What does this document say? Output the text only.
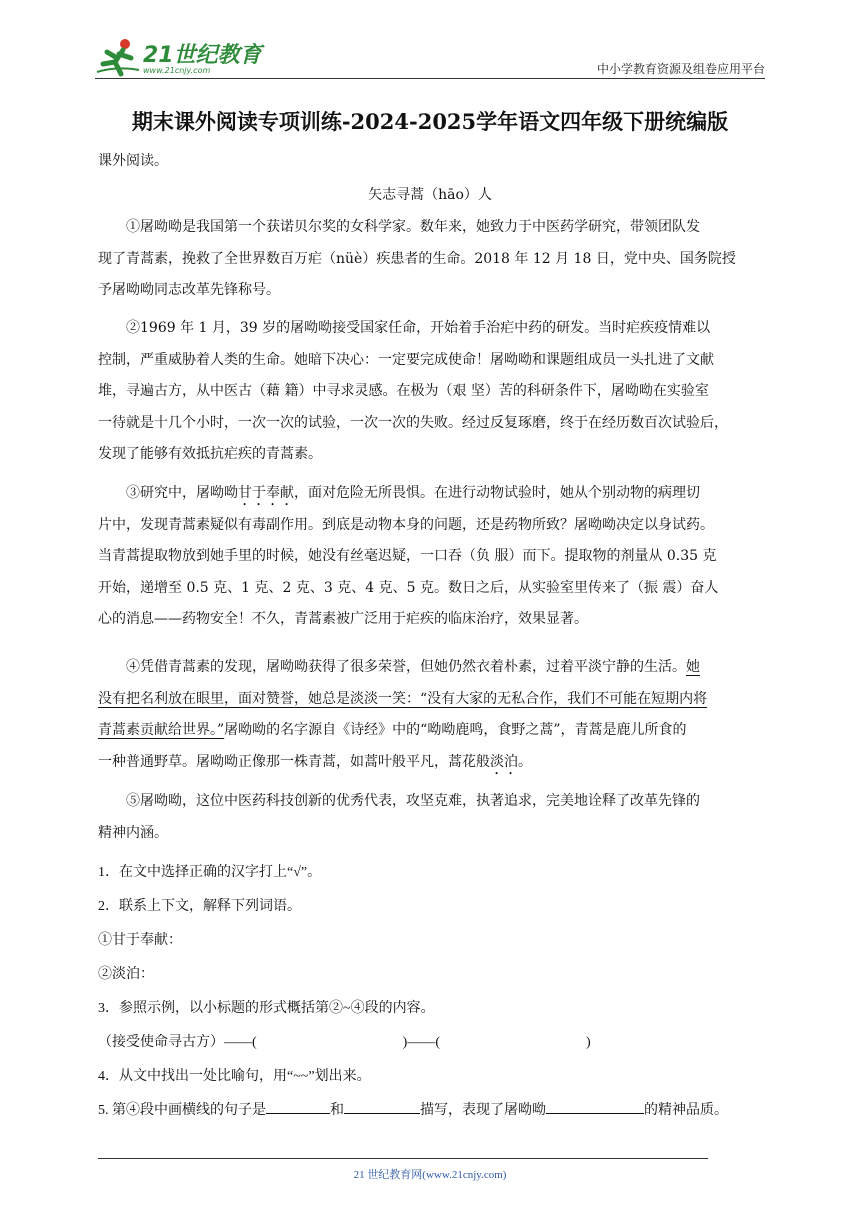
21世纪教育
www.21cnjy.com	中小学教育资源及组卷应用平台
期末课外阅读专项训练-2024-2025学年语文四年级下册统编版
课外阅读。
矢志寻蒿（hāo）人
①屠呦呦是我国第一个获诺贝尔奖的女科学家。数年来，她致力于中医药学研究，带领团队发
现了青蒿素，挽救了全世界数百万疟（nüè）疾患者的生命。2018 年 12 月 18 日，党中央、国务院授
予屠呦呦同志改革先锋称号。
②1969 年 1 月，39 岁的屠呦呦接受国家任命，开始着手治疟中药的研发。当时疟疾疫情难以
控制，严重威胁着人类的生命。她暗下决心：一定要完成使命！屠呦呦和课题组成员一头扎进了文献
堆，寻遍古方，从中医古（藉 籍）中寻求灵感。在极为（艰 坚）苦的科研条件下，屠呦呦在实验室
一待就是十几个小时，一次一次的试验，一次一次的失败。经过反复琢磨，终于在经历数百次试验后，
发现了能够有效抵抗疟疾的青蒿素。
③研究中，屠呦呦甘于奉献，面对危险无所畏惧。在进行动物试验时，她从个别动物的病理切
片中，发现青蒿素疑似有毒副作用。到底是动物本身的问题，还是药物所致？屠呦呦决定以身试药。
当青蒿提取物放到她手里的时候，她没有丝毫迟疑，一口吞（负 服）而下。提取物的剂量从 0.35 克
开始，递增至 0.5 克、1 克、2 克、3 克、4 克、5 克。数日之后，从实验室里传来了（振 震）奋人
心的消息——药物安全！不久，青蒿素被广泛用于疟疾的临床治疗，效果显著。
④凭借青蒿素的发现，屠呦呦获得了很多荣誉，但她仍然衣着朴素，过着平淡宁静的生活。她
没有把名利放在眼里，面对赞誉，她总是淡淡一笑：“没有大家的无私合作，我们不可能在短期内将
青蒿素贡献给世界。”屠呦呦的名字源自《诗经》中的“呦呦鹿鸣，食野之蒿”，青蒿是鹿儿所食的
一种普通野草。屠呦呦正像那一株青蒿，如蒿叶般平凡，蒿花般淡泊。
⑤屠呦呦，这位中医药科技创新的优秀代表，攻坚克难，执著追求，完美地诠释了改革先锋的
精神内涵。
1．在文中选择正确的汉字打上“√”。
2．联系上下文，解释下列词语。
①甘于奉献：
②淡泊：
3．参照示例，以小标题的形式概括第②~④段的内容。
（接受使命寻古方）——(	)——(	)
4．从文中找出一处比喻句，用“~~”划出来。
5. 第④段中画横线的句子是	和	描写，表现了屠呦呦	的精神品质。
21 世纪教育网(www.21cnjy.com)
